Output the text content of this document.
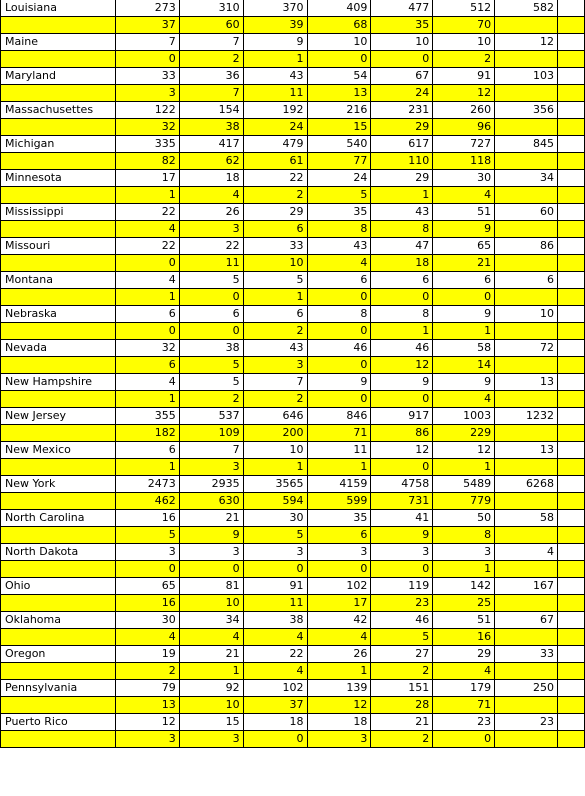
Louisiana	273	310	370	409	477	512	582	
	37	60	39	68	35	70		
Maine	7	7	9	10	10	10	12	
	0	2	1	0	0	2		
Maryland	33	36	43	54	67	91	103	
	3	7	11	13	24	12		
Massachusettes	122	154	192	216	231	260	356	
	32	38	24	15	29	96		
Michigan	335	417	479	540	617	727	845	
	82	62	61	77	110	118		
Minnesota	17	18	22	24	29	30	34	
	1	4	2	5	1	4		
Mississippi	22	26	29	35	43	51	60	
	4	3	6	8	8	9		
Missouri	22	22	33	43	47	65	86	
	0	11	10	4	18	21		
Montana	4	5	5	6	6	6	6	
	1	0	1	0	0	0		
Nebraska	6	6	6	8	8	9	10	
	0	0	2	0	1	1		
Nevada	32	38	43	46	46	58	72	
	6	5	3	0	12	14		
New Hampshire	4	5	7	9	9	9	13	
	1	2	2	0	0	4		
New Jersey	355	537	646	846	917	1003	1232	
	182	109	200	71	86	229		
New Mexico	6	7	10	11	12	12	13	
	1	3	1	1	0	1		
New York	2473	2935	3565	4159	4758	5489	6268	
	462	630	594	599	731	779		
North Carolina	16	21	30	35	41	50	58	
	5	9	5	6	9	8		
North Dakota	3	3	3	3	3	3	4	
	0	0	0	0	0	1		
Ohio	65	81	91	102	119	142	167	
	16	10	11	17	23	25		
Oklahoma	30	34	38	42	46	51	67	
	4	4	4	4	5	16		
Oregon	19	21	22	26	27	29	33	
	2	1	4	1	2	4		
Pennsylvania	79	92	102	139	151	179	250	
	13	10	37	12	28	71		
Puerto Rico	12	15	18	18	21	23	23	
	3	3	0	3	2	0		
